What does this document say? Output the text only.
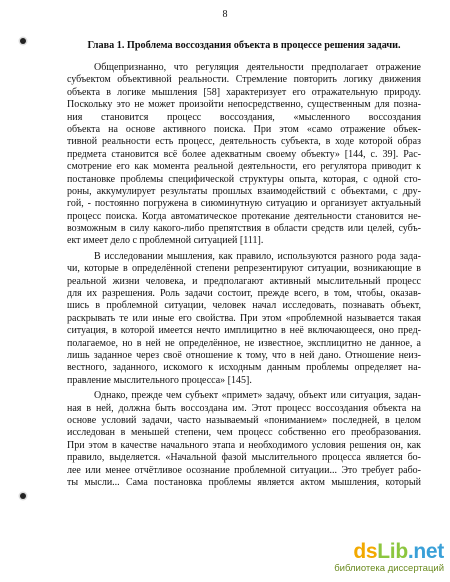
8
Глава 1. Проблема воссоздания объекта в процессе решения задачи.
Общепризнанно, что регуляция деятельности предполагает отражение
субъектом объективной реальности. Стремление повторить логику движения
объекта в логике мышления [58] характеризует его отражательную природу.
Поскольку это не может произойти непосредственно, существенным для позна-
ния становится процесс воссоздания, «мысленного воссоздания
объекта на основе активного поиска. При этом «само отражение объек-
тивной реальности есть процесс, деятельность субъекта, в ходе которой образ
предмета становится всё более адекватным своему объекту» [144, с. 39]. Рас-
смотрение его как момента реальной деятельности, его регулятора приводит к
постановке проблемы специфической структуры опыта, которая, с одной сто-
роны, аккумулирует результаты прошлых взаимодействий с объектами, с дру-
гой, - постоянно погружена в сиюминутную ситуацию и организует актуальный
процесс поиска. Когда автоматическое протекание деятельности становится не-
возможным в силу какого-либо препятствия в области средств или целей, субъ-
ект имеет дело с проблемной ситуацией [111].
В исследовании мышления, как правило, используются разного рода зада-
чи, которые в определённой степени репрезентируют ситуации, возникающие в
реальной жизни человека, и предполагают активный мыслительный процесс
для их разрешения. Роль задачи состоит, прежде всего, в том, чтобы, оказав-
шись в проблемной ситуации, человек начал исследовать, познавать объект,
раскрывать те или иные его свойства. При этом «проблемной называется такая
ситуация, в которой имеется нечто имплицитно в неё включающееся, оно пред-
полагаемое, но в ней не определённое, не известное, эксплицитно не данное, а
лишь заданное через своё отношение к тому, что в ней дано. Отношение неиз-
вестного, заданного, искомого к исходным данным проблемы определяет на-
правление мыслительного процесса» [145].
Однако, прежде чем субъект «примет» задачу, объект или ситуация, задан-
ная в ней, должна быть воссоздана им. Этот процесс воссоздания объекта на
основе условий задачи, часто называемый «пониманием» последней, в целом
исследован в меньшей степени, чем процесс собственно его преобразования.
При этом в качестве начального этапа и необходимого условия решения он, как
правило, выделяется. «Начальной фазой мыслительного процесса является бо-
лее или менее отчётливое осознание проблемной ситуации... Это требует рабо-
ты мысли... Сама постановка проблемы является актом мышления, который
dsLib.net
библиотека диссертаций
